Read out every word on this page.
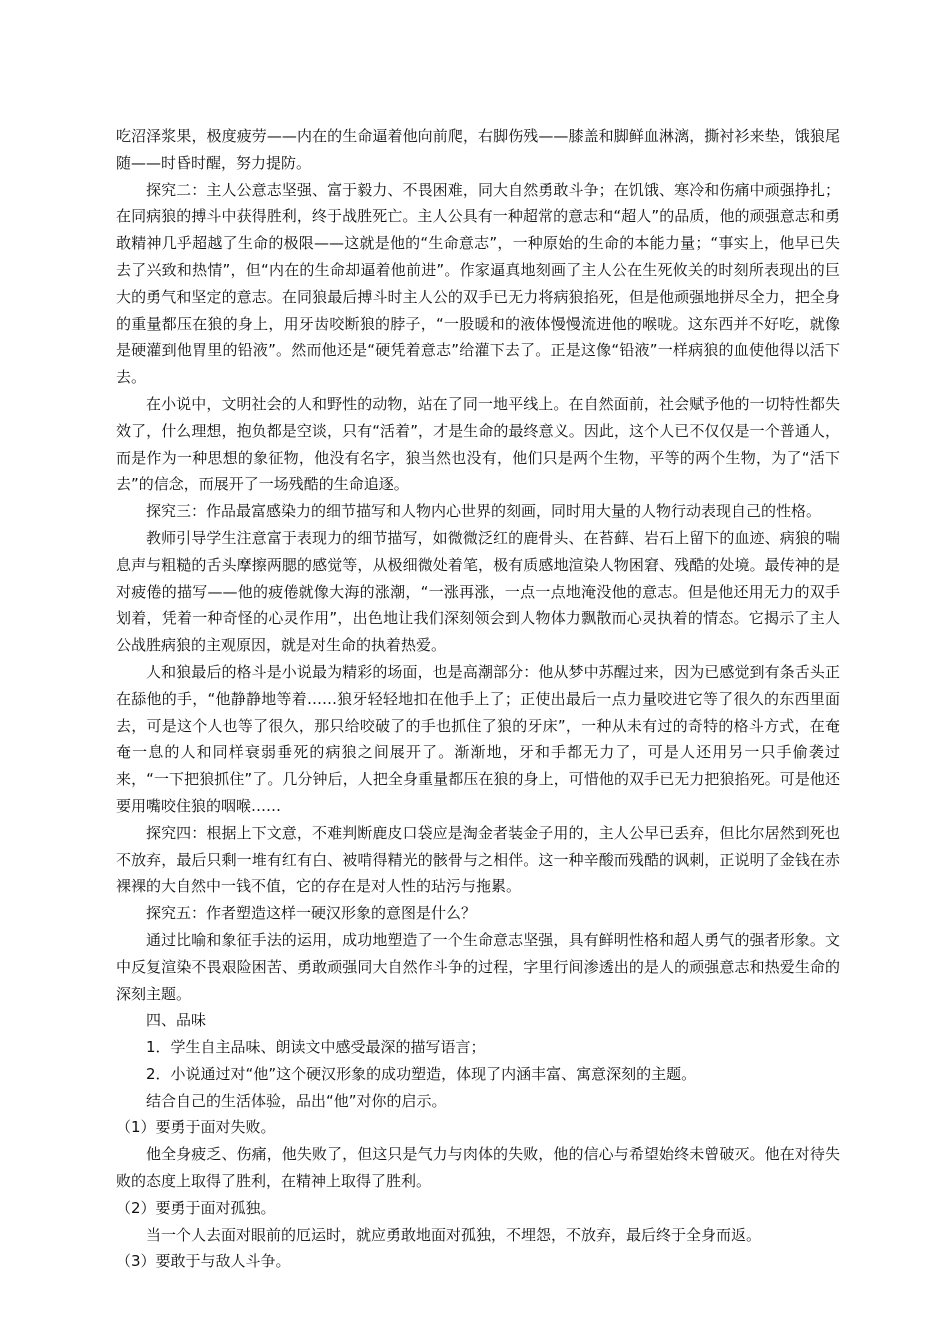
吃沼泽浆果，极度疲劳——内在的生命逼着他向前爬，右脚伤残——膝盖和脚鲜血淋漓，撕衬衫来垫，饿狼尾随——时昏时醒，努力提防。

探究二：主人公意志坚强、富于毅力、不畏困难，同大自然勇敢斗争；在饥饿、寒冷和伤痛中顽强挣扎；在同病狼的搏斗中获得胜利，终于战胜死亡。主人公具有一种超常的意志和“超人”的品质，他的顽强意志和勇敢精神几乎超越了生命的极限——这就是他的“生命意志”，一种原始的生命的本能力量；“事实上，他早已失去了兴致和热情”，但“内在的生命却逼着他前进”。作家逼真地刻画了主人公在生死攸关的时刻所表现出的巨大的勇气和坚定的意志。在同狼最后搏斗时主人公的双手已无力将病狼掐死，但是他顽强地拼尽全力，把全身的重量都压在狼的身上，用牙齿咬断狼的脖子，“一股暖和的液体慢慢流进他的喉咙。这东西并不好吃，就像是硬灌到他胃里的铅液”。然而他还是“硬凭着意志”给灌下去了。正是这像“铅液”一样病狼的血使他得以活下去。

在小说中，文明社会的人和野性的动物，站在了同一地平线上。在自然面前，社会赋予他的一切特性都失效了，什么理想，抱负都是空谈，只有“活着”，才是生命的最终意义。因此，这个人已不仅仅是一个普通人，而是作为一种思想的象征物，他没有名字，狼当然也没有，他们只是两个生物，平等的两个生物，为了“活下去”的信念，而展开了一场残酷的生命追逐。

探究三：作品最富感染力的细节描写和人物内心世界的刻画，同时用大量的人物行动表现自己的性格。

教师引导学生注意富于表现力的细节描写，如微微泛红的鹿骨头、在苔藓、岩石上留下的血迹、病狼的喘息声与粗糙的舌头摩擦两腮的感觉等，从极细微处着笔，极有质感地渲染人物困窘、残酷的处境。最传神的是对疲倦的描写——他的疲倦就像大海的涨潮，“一涨再涨，一点一点地淹没他的意志。但是他还用无力的双手划着，凭着一种奇怪的心灵作用”，出色地让我们深刻领会到人物体力飘散而心灵执着的情态。它揭示了主人公战胜病狼的主观原因，就是对生命的执着热爱。

人和狼最后的格斗是小说最为精彩的场面，也是高潮部分：他从梦中苏醒过来，因为已感觉到有条舌头正在舔他的手，“他静静地等着……狼牙轻轻地扣在他手上了；正使出最后一点力量咬进它等了很久的东西里面去，可是这个人也等了很久，那只给咬破了的手也抓住了狼的牙床”，一种从未有过的奇特的格斗方式，在奄奄一息的人和同样衰弱垂死的病狼之间展开了。渐渐地，牙和手都无力了，可是人还用另一只手偷袭过来，“一下把狼抓住”了。几分钟后，人把全身重量都压在狼的身上，可惜他的双手已无力把狼掐死。可是他还要用嘴咬住狼的咽喉……

探究四：根据上下文意，不难判断鹿皮口袋应是淘金者装金子用的，主人公早已丢弃，但比尔居然到死也不放弃，最后只剩一堆有红有白、被啃得精光的骸骨与之相伴。这一种辛酸而残酷的讽刺，正说明了金钱在赤裸裸的大自然中一钱不值，它的存在是对人性的玷污与拖累。

探究五：作者塑造这样一硬汉形象的意图是什么？

通过比喻和象征手法的运用，成功地塑造了一个生命意志坚强，具有鲜明性格和超人勇气的强者形象。文中反复渲染不畏艰险困苦、勇敢顽强同大自然作斗争的过程，字里行间渗透出的是人的顽强意志和热爱生命的深刻主题。

四、品味

1．学生自主品味、朗读文中感受最深的描写语言；

2．小说通过对“他”这个硬汉形象的成功塑造，体现了内涵丰富、寓意深刻的主题。

结合自己的生活体验，品出“他”对你的启示。

（1）要勇于面对失败。

他全身疲乏、伤痛，他失败了，但这只是气力与肉体的失败，他的信心与希望始终未曾破灭。他在对待失败的态度上取得了胜利，在精神上取得了胜利。

（2）要勇于面对孤独。

当一个人去面对眼前的厄运时，就应勇敢地面对孤独，不埋怨，不放弃，最后终于全身而返。

（3）要敢于与敌人斗争。
